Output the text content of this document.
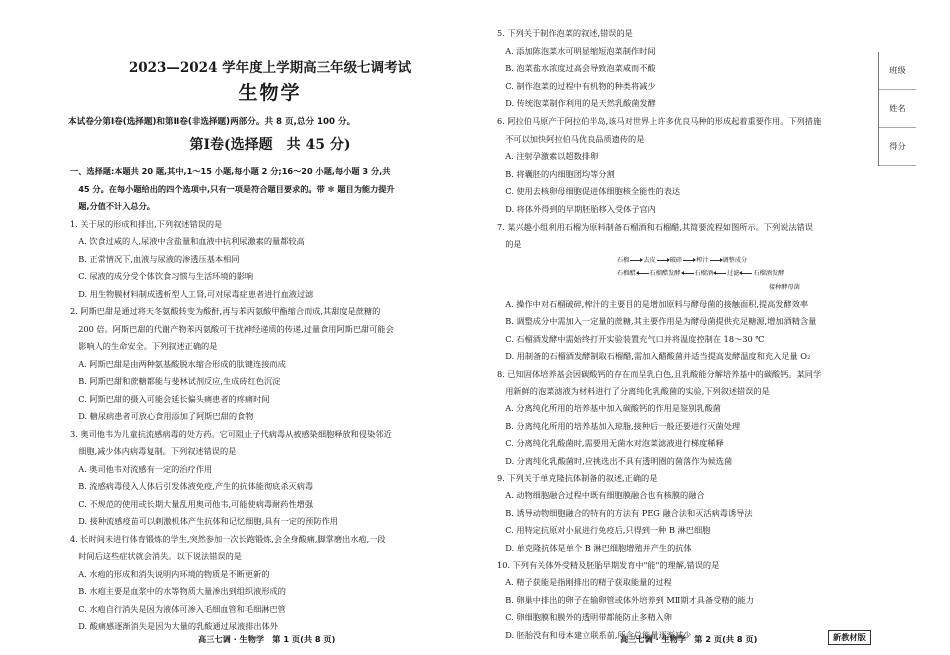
2023—2024 学年度上学期高三年级七调考试
生物学
本试卷分第Ⅰ卷(选择题)和第Ⅱ卷(非选择题)两部分。共 8 页,总分 100 分。
第Ⅰ卷(选择题　共 45 分)
一、选择题:本题共 20 题,其中,1～15 小题,每小题 2 分;16～20 小题,每小题 3 分,共
　45 分。在每小题给出的四个选项中,只有一项是符合题目要求的。带 ✻ 题目为能力提升
　题,分值不计入总分。
1. 关于尿的形成和排出,下列叙述错误的是
　A. 饮食过咸的人,尿液中含盐量和血液中抗利尿激素的量都较高
　B. 正常情况下,血液与尿液的渗透压基本相同
　C. 尿液的成分受个体饮食习惯与生活环境的影响
　D. 用生物膜材料制成透析型人工肾,可对尿毒症患者进行血液过滤
2. 阿斯巴甜是通过将天冬氨酸转变为酸酐,再与苯丙氨酸甲酯缩合而成,其甜度是蔗糖的
　200 倍。阿斯巴甜的代谢产物苯丙氨酸可干扰神经递质的传递,过量食用阿斯巴甜可能会
　影响人的生命安全。下列叙述正确的是
　A. 阿斯巴甜是由两种氨基酸脱水缩合形成的肽键连接而成
　B. 阿斯巴甜和蔗糖都能与斐林试剂反应,生成砖红色沉淀
　C. 阿斯巴甜的摄入可能会延长偏头痛患者的疼痛时间
　D. 糖尿病患者可放心食用添加了阿斯巴甜的食物
3. 奥司他韦为儿童抗流感病毒的处方药。它可阻止子代病毒从被感染细胞释放和侵染邻近
　细胞,减少体内病毒复制。下列叙述错误的是
　A. 奥司他韦对流感有一定的治疗作用
　B. 流感病毒侵入人体后引发体液免疫,产生的抗体能彻底杀灭病毒
　C. 不规范的使用或长期大量乱用奥司他韦,可能使病毒耐药性增强
　D. 接种流感疫苗可以刺激机体产生抗体和记忆细胞,具有一定的预防作用
4. 长时间未进行体育锻炼的学生,突然参加一次长跑锻炼,会全身酸痛,脚掌磨出水疱,一段
　时间后这些症状就会消失。以下说法错误的是
　A. 水疱的形成和消失说明内环境的物质是不断更新的
　B. 水疱主要是血浆中的水等物质大量渗出到组织液形成的
　C. 水疱自行消失是因为液体可渗入毛细血管和毛细淋巴管
　D. 酸痛感逐渐消失是因为大量的乳酸通过尿液排出体外
5. 下列关于制作泡菜的叙述,错误的是
　A. 添加陈泡菜水可明显缩短泡菜制作时间
　B. 泡菜盐水浓度过高会导致泡菜咸而不酸
　C. 制作泡菜的过程中有机物的种类将减少
　D. 传统泡菜制作利用的是天然乳酸菌发酵
6. 阿拉伯马原产于阿拉伯半岛,该马对世界上许多优良马种的形成起着重要作用。下列措施
　不可以加快阿拉伯马优良品质遗传的是
　A. 注射孕激素以超数排卵
　B. 将囊胚的内细胞团均等分割
　C. 使用去核卵母细胞促进体细胞核全能性的表达
　D. 将体外得到的早期胚胎移入受体子宫内
7. 某兴趣小组利用石榴为原料制备石榴酒和石榴醋,其简要流程如图所示。下列说法错误
　的是
　A. 操作中对石榴破碎,榨汁的主要目的是增加原料与酵母菌的接触面积,提高发酵效率
　B. 调整成分中需加入一定量的蔗糖,其主要作用是为酵母菌提供充足糖源,增加酒精含量
　C. 石榴酒发酵中需始终打开实验装置充气口并将温度控制在 18～30 ℃
　D. 用制备的石榴酒发酵制取石榴醋,需加入醋酸菌并适当提高发酵温度和充入足量 O₂
8. 已知固体培养基会因碳酸钙的存在而呈乳白色,且乳酸能分解培养基中的碳酸钙。某同学
　用新鲜的泡菜滤液为材料进行了分离纯化乳酸菌的实验,下列叙述错误的是
　A. 分离纯化所用的培养基中加入碳酸钙的作用是鉴别乳酸菌
　B. 分离纯化所用的培养基加入琼脂,接种后一般还要进行灭菌处理
　C. 分离纯化乳酸菌时,需要用无菌水对泡菜滤液进行梯度稀释
　D. 分离纯化乳酸菌时,应挑选出不具有透明圈的菌落作为候选菌
9. 下列关于单克隆抗体制备的叙述,正确的是
　A. 动物细胞融合过程中既有细胞膜融合也有核膜的融合
　B. 诱导动物细胞融合的特有的方法有 PEG 融合法和灭活病毒诱导法
　C. 用特定抗原对小鼠进行免疫后,只得到一种 B 淋巴细胞
　D. 单克隆抗体是单个 B 淋巴细胞增殖并产生的抗体
10. 下列有关体外受精及胚胎早期发育中"能"的理解,错误的是
　A. 精子获能是指刚排出的精子获取能量的过程
　B. 卵巢中排出的卵子在输卵管或体外培养到 MⅡ期才具备受精的能力
　C. 卵细胞膜和膜外的透明带都能防止多精入卵
　D. 胚胎没有和母本建立联系前,所含总能量逐渐减少
石榴 去皮 破碎 榨汁 调整成分
石榴醋 石榴醋发酵 石榴酒 过滤 石榴酒发酵
接种酵母菌
高三七调 · 生物学　第 1 页(共 8 页)	高三七调 · 生物学　第 2 页(共 8 页)	新教材版
班级
姓名
得分
